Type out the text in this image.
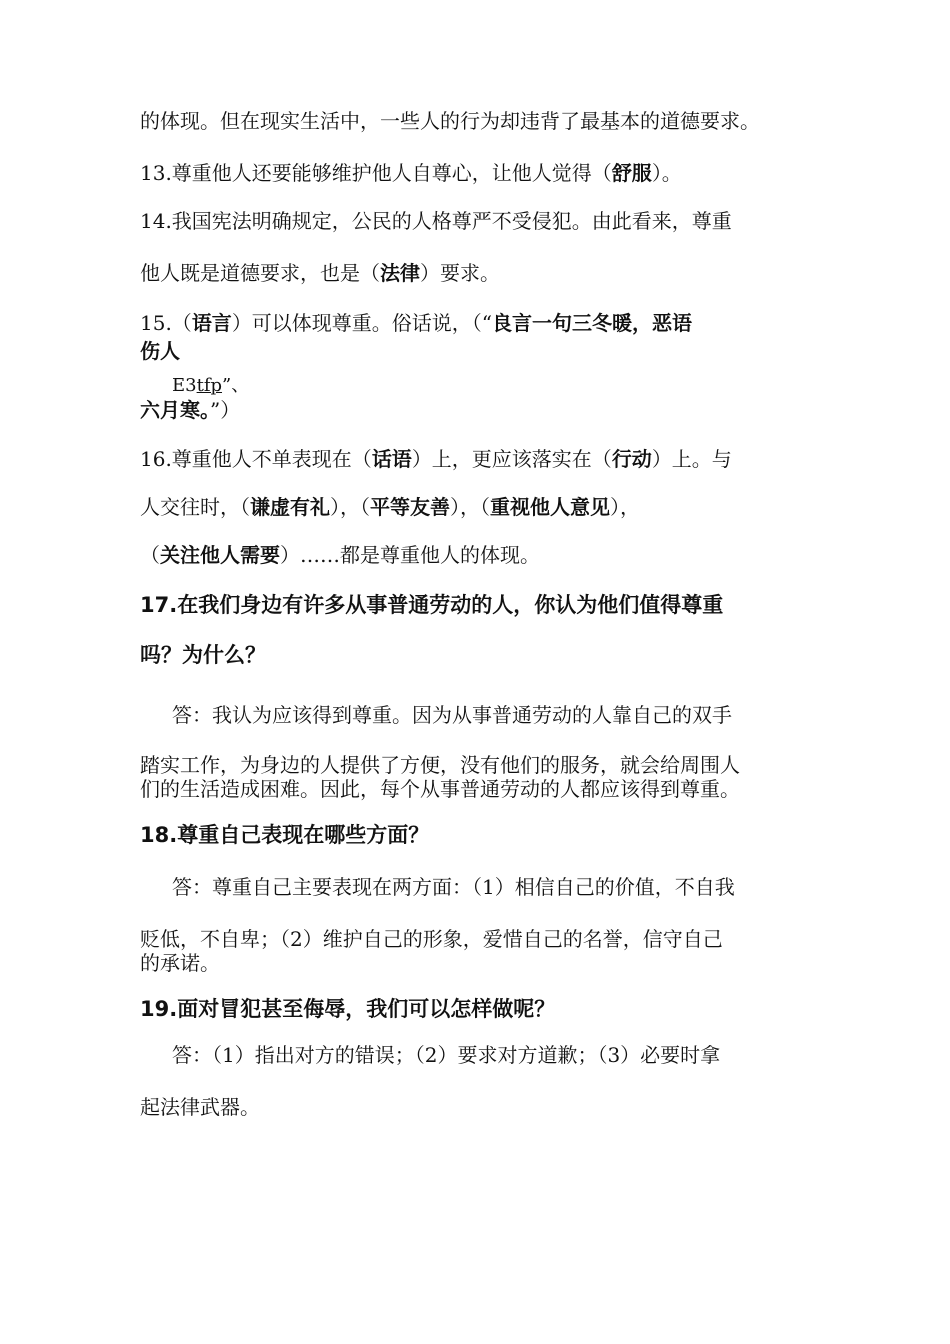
的体现。但在现实生活中，一些人的行为却违背了最基本的道德要求。
13.尊重他人还要能够维护他人自尊心，让他人觉得（舒服）。
14.我国宪法明确规定，公民的人格尊严不受侵犯。由此看来，尊重
他人既是道德要求，也是（法律）要求。
15.（语言）可以体现尊重。俗话说，（“良言一句三冬暖，恶语
伤人
E3tfp”、
六月寒。”）
16.尊重他人不单表现在（话语）上，更应该落实在（行动）上。与
人交往时，（谦虚有礼），（平等友善），（重视他人意见），
（关注他人需要）……都是尊重他人的体现。
17.在我们身边有许多从事普通劳动的人，你认为他们值得尊重
吗？为什么？
答：我认为应该得到尊重。因为从事普通劳动的人靠自己的双手
踏实工作，为身边的人提供了方便，没有他们的服务，就会给周围人
们的生活造成困难。因此，每个从事普通劳动的人都应该得到尊重。
18.尊重自己表现在哪些方面？
答：尊重自己主要表现在两方面：（1）相信自己的价值，不自我
贬低，不自卑；（2）维护自己的形象，爱惜自己的名誉，信守自己
的承诺。
19.面对冒犯甚至侮辱，我们可以怎样做呢？
答：（1）指出对方的错误；（2）要求对方道歉；（3）必要时拿
起法律武器。
